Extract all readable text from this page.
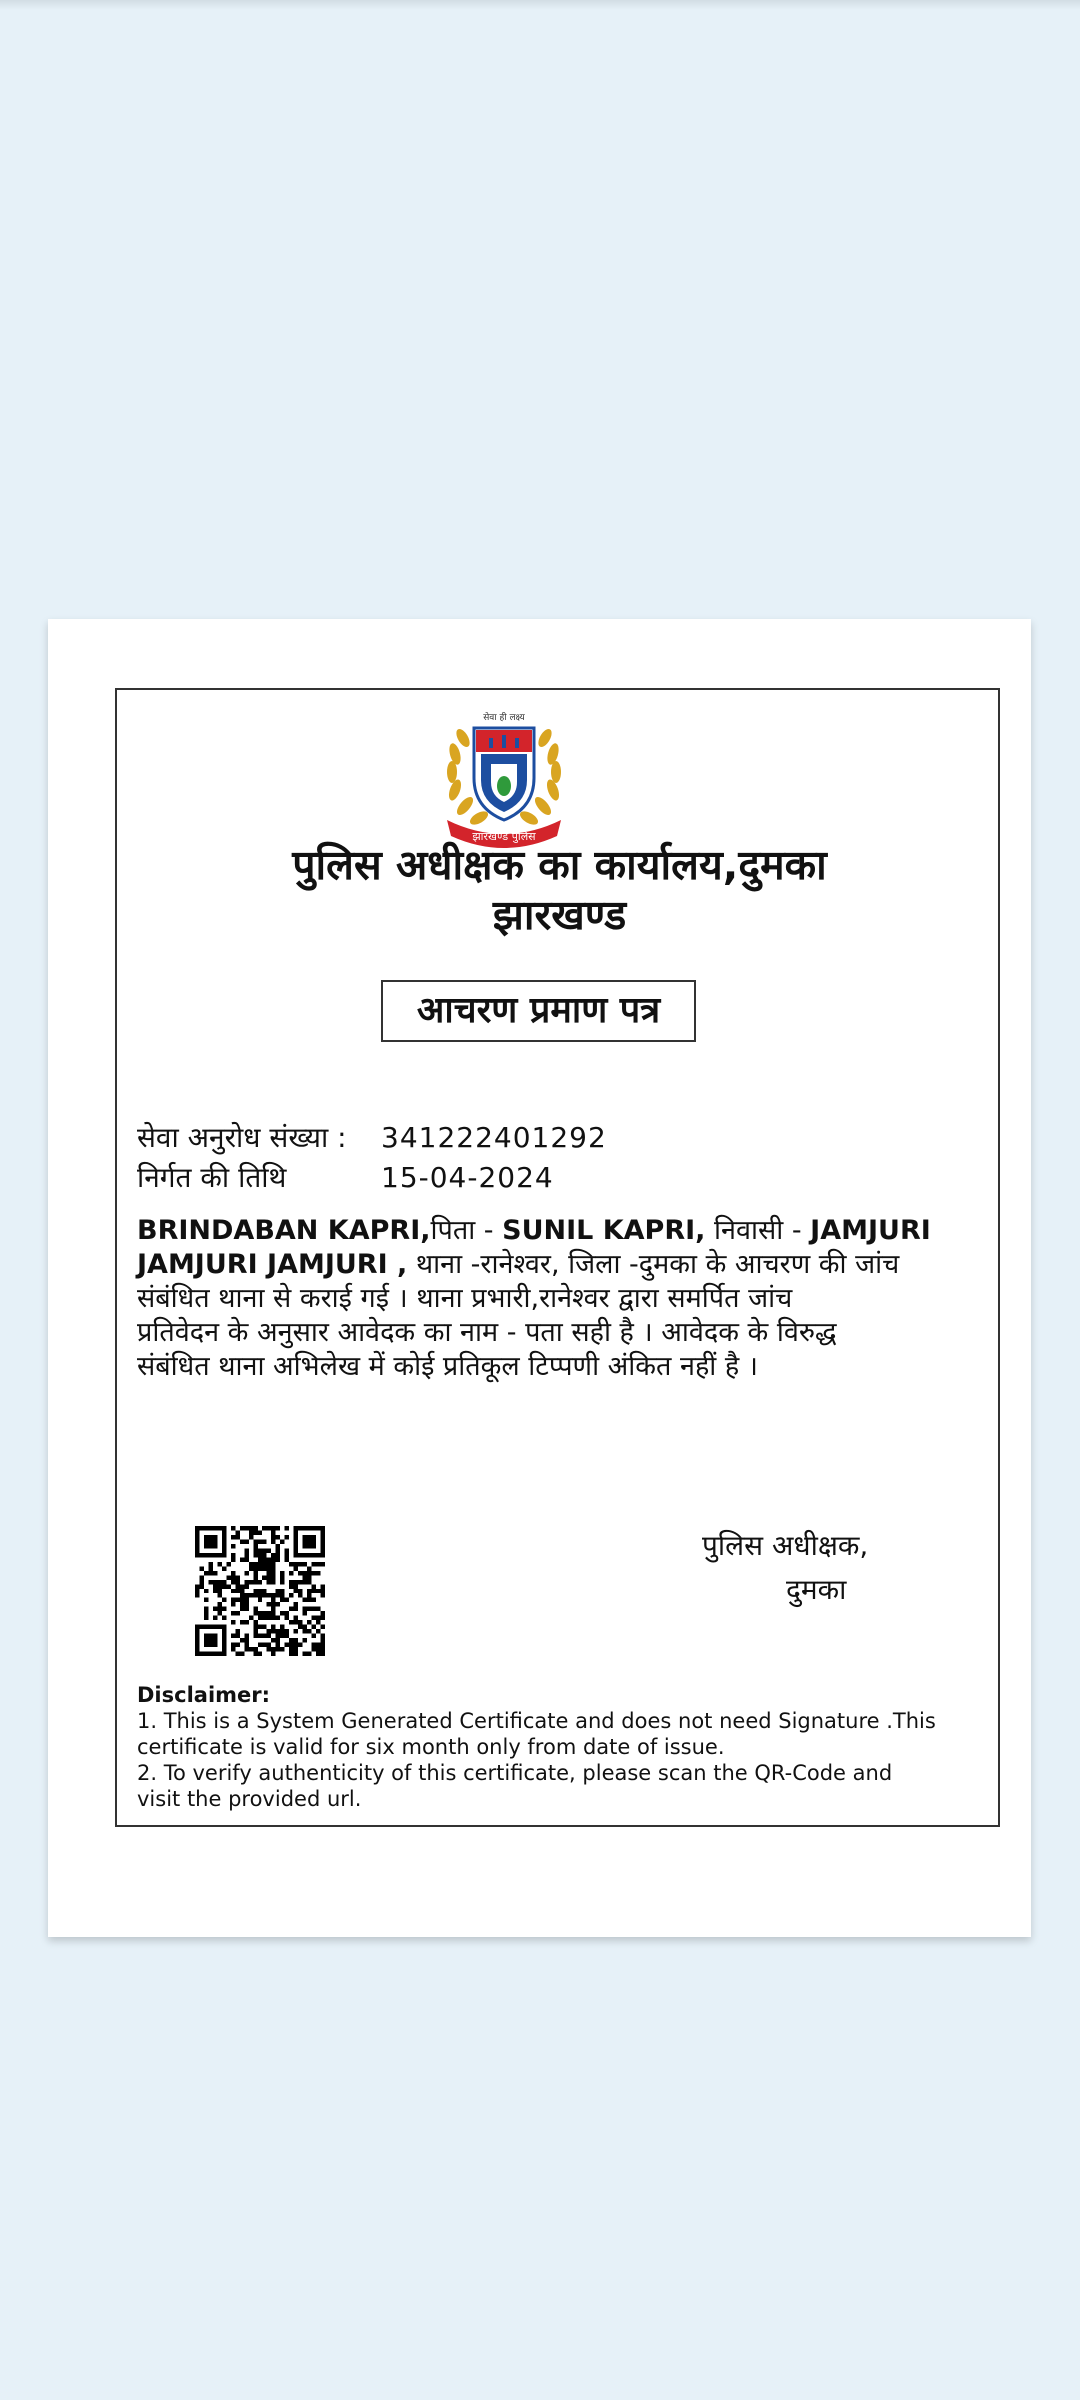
सेवा ही लक्ष्य
झारखण्ड पुलिस
पुलिस अधीक्षक का कार्यालय,दुमका
झारखण्ड
आचरण प्रमाण पत्र
सेवा अनुरोध संख्या : 341222401292
निर्गत की तिथि	15-04-2024
BRINDABAN KAPRI,पिता - SUNIL KAPRI, निवासी - JAMJURI
JAMJURI JAMJURI , थाना -रानेश्वर, जिला -दुमका के आचरण की जांच
संबंधित थाना से कराई गई । थाना प्रभारी,रानेश्वर द्वारा समर्पित जांच
प्रतिवेदन के अनुसार आवेदक का नाम - पता सही है । आवेदक के विरुद्ध
संबंधित थाना अभिलेख में कोई प्रतिकूल टिप्पणी अंकित नहीं है ।
पुलिस अधीक्षक,
दुमका
Disclaimer:
1. This is a System Generated Certificate and does not need Signature .This
certificate is valid for six month only from date of issue.
2. To verify authenticity of this certificate, please scan the QR-Code and
visit the provided url.
